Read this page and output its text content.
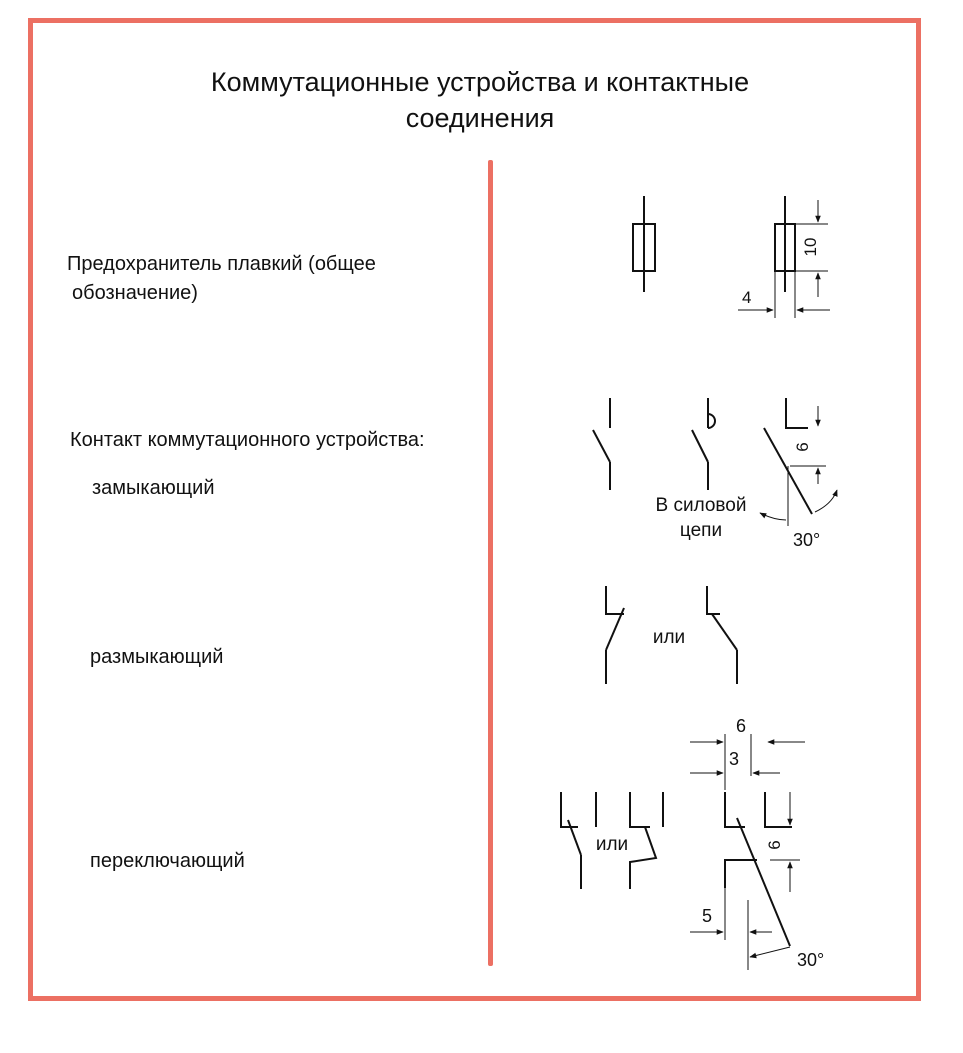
Коммутационные устройства и контактные
соединения
Предохранитель плавкий (общее
обозначение)
Контакт коммутационного устройства:
замыкающий
размыкающий
переключающий
10
4
6
В силовой
цепи	30°
или
или
6
3
6
5
30°
